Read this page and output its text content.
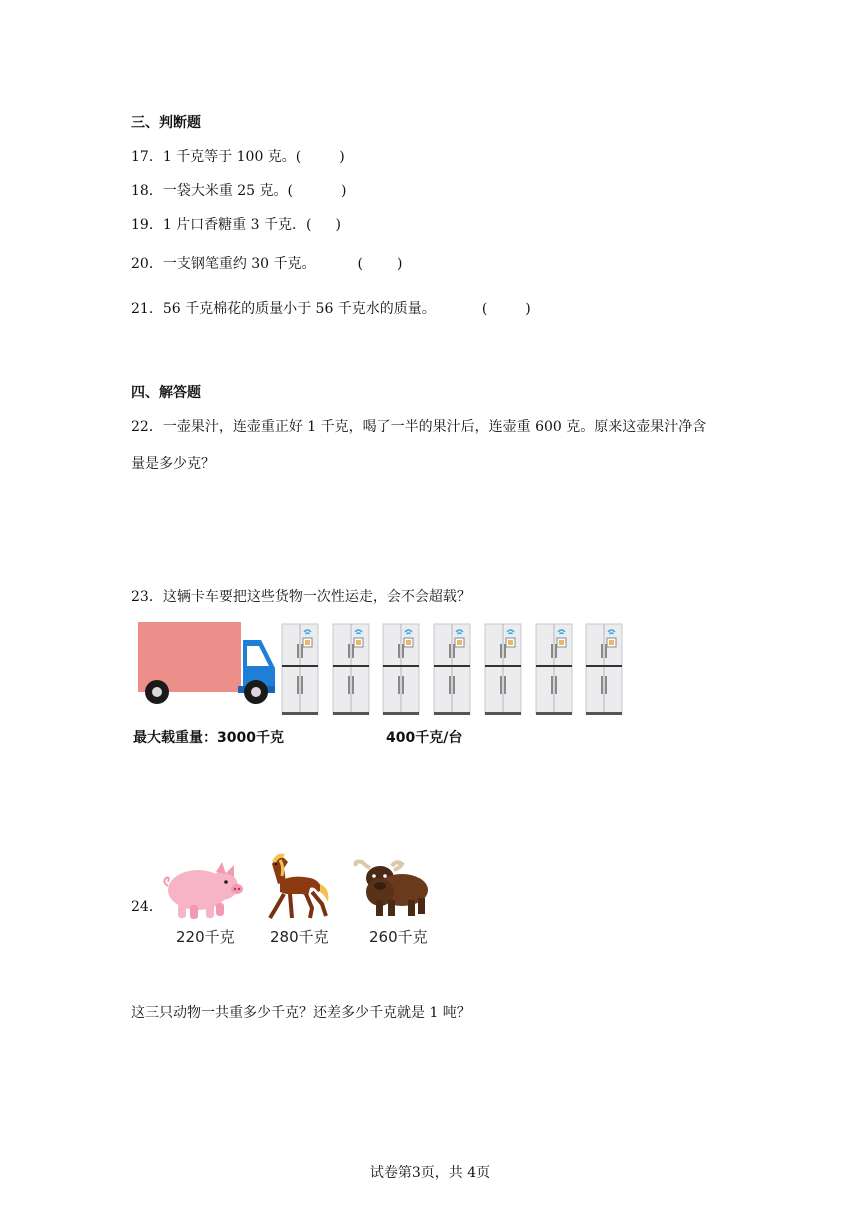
三、判断题
17．1 千克等于 100 克。(	)
18．一袋大米重 25 克。(	)
19．1 片口香糖重 3 千克．( )
20．一支钢笔重约 30 千克。	( )
21．56 千克棉花的质量小于 56 千克水的质量。	(	)
四、解答题
22．一壶果汁，连壶重正好 1 千克，喝了一半的果汁后，连壶重 600 克。原来这壶果汁净含
量是多少克？
23．这辆卡车要把这些货物一次性运走，会不会超载？
最大载重量：3000千克	400千克/台
24．
220千克 280千克	260千克
这三只动物一共重多少千克？还差多少千克就是 1 吨？
试卷第3页，共 4页
